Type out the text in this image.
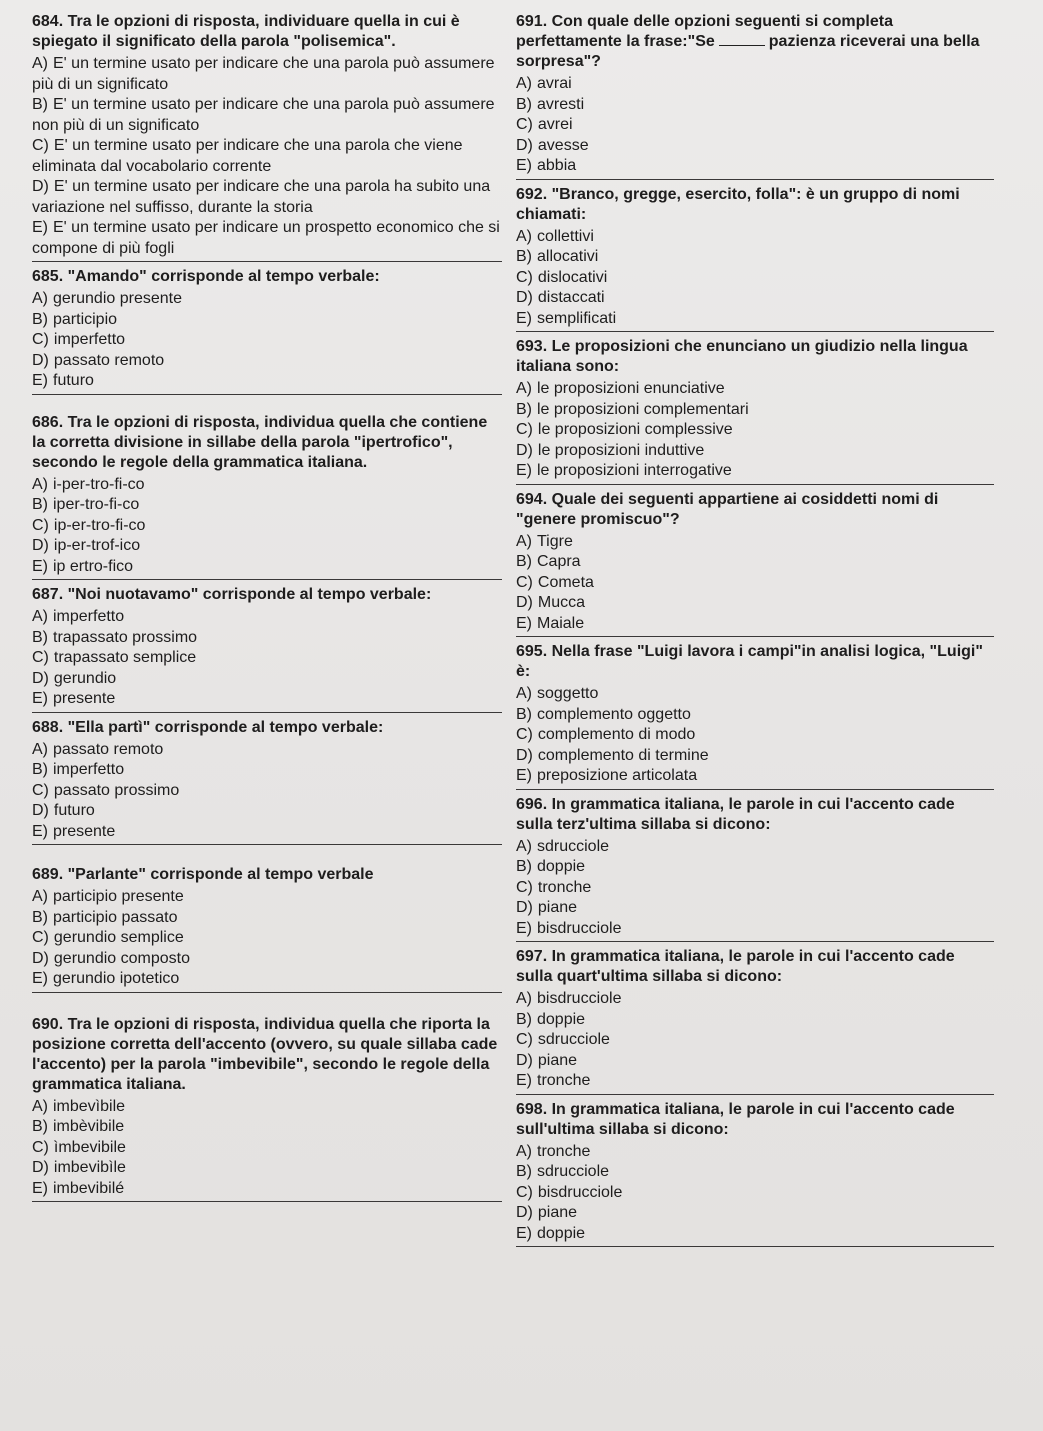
684. Tra le opzioni di risposta, individuare quella in cui è spiegato il significato della parola "polisemica".

A) E' un termine usato per indicare che una parola può assumere più di un significato
B) E' un termine usato per indicare che una parola può assumere non più di un significato
C) E' un termine usato per indicare che una parola che viene eliminata dal vocabolario corrente
D) E' un termine usato per indicare che una parola ha subito una variazione nel suffisso, durante la storia
E) E' un termine usato per indicare un prospetto economico che si compone di più fogli

685. "Amando" corrisponde al tempo verbale:

A) gerundio presente
B) participio
C) imperfetto
D) passato remoto
E) futuro

686. Tra le opzioni di risposta, individua quella che contiene la corretta divisione in sillabe della parola "ipertrofico", secondo le regole della grammatica italiana.

A) i-per-tro-fi-co
B) iper-tro-fi-co
C) ip-er-tro-fi-co
D) ip-er-trof-ico
E) ip ertro-fico

687. "Noi nuotavamo" corrisponde al tempo verbale:

A) imperfetto
B) trapassato prossimo
C) trapassato semplice
D) gerundio
E) presente

688. "Ella partì" corrisponde al tempo verbale:

A) passato remoto
B) imperfetto
C) passato prossimo
D) futuro
E) presente

689. "Parlante" corrisponde al tempo verbale

A) participio presente
B) participio passato
C) gerundio semplice
D) gerundio composto
E) gerundio ipotetico

690. Tra le opzioni di risposta, individua quella che riporta la posizione corretta dell'accento (ovvero, su quale sillaba cade l'accento) per la parola "imbevibile", secondo le regole della grammatica italiana.

A) imbevìbile
B) imbèvibile
C) ìmbevibile
D) imbevibìle
E) imbevibilé

691. Con quale delle opzioni seguenti si completa perfettamente la frase:"Se	pazienza riceverai una bella sorpresa"?

A) avrai
B) avresti
C) avrei
D) avesse
E) abbia

692. "Branco, gregge, esercito, folla": è un gruppo di nomi chiamati:

A) collettivi
B) allocativi
C) dislocativi
D) distaccati
E) semplificati

693. Le proposizioni che enunciano un giudizio nella lingua italiana sono:

A) le proposizioni enunciative
B) le proposizioni complementari
C) le proposizioni complessive
D) le proposizioni induttive
E) le proposizioni interrogative

694. Quale dei seguenti appartiene ai cosiddetti nomi di "genere promiscuo"?

A) Tigre
B) Capra
C) Cometa
D) Mucca
E) Maiale

695. Nella frase "Luigi lavora i campi"in analisi logica, "Luigi" è:

A) soggetto
B) complemento oggetto
C) complemento di modo
D) complemento di termine
E) preposizione articolata

696. In grammatica italiana, le parole in cui l'accento cade sulla terz'ultima sillaba si dicono:

A) sdrucciole
B) doppie
C) tronche
D) piane
E) bisdrucciole

697. In grammatica italiana, le parole in cui l'accento cade sulla quart'ultima sillaba si dicono:

A) bisdrucciole
B) doppie
C) sdrucciole
D) piane
E) tronche

698. In grammatica italiana, le parole in cui l'accento cade sull'ultima sillaba si dicono:

A) tronche
B) sdrucciole
C) bisdrucciole
D) piane
E) doppie
